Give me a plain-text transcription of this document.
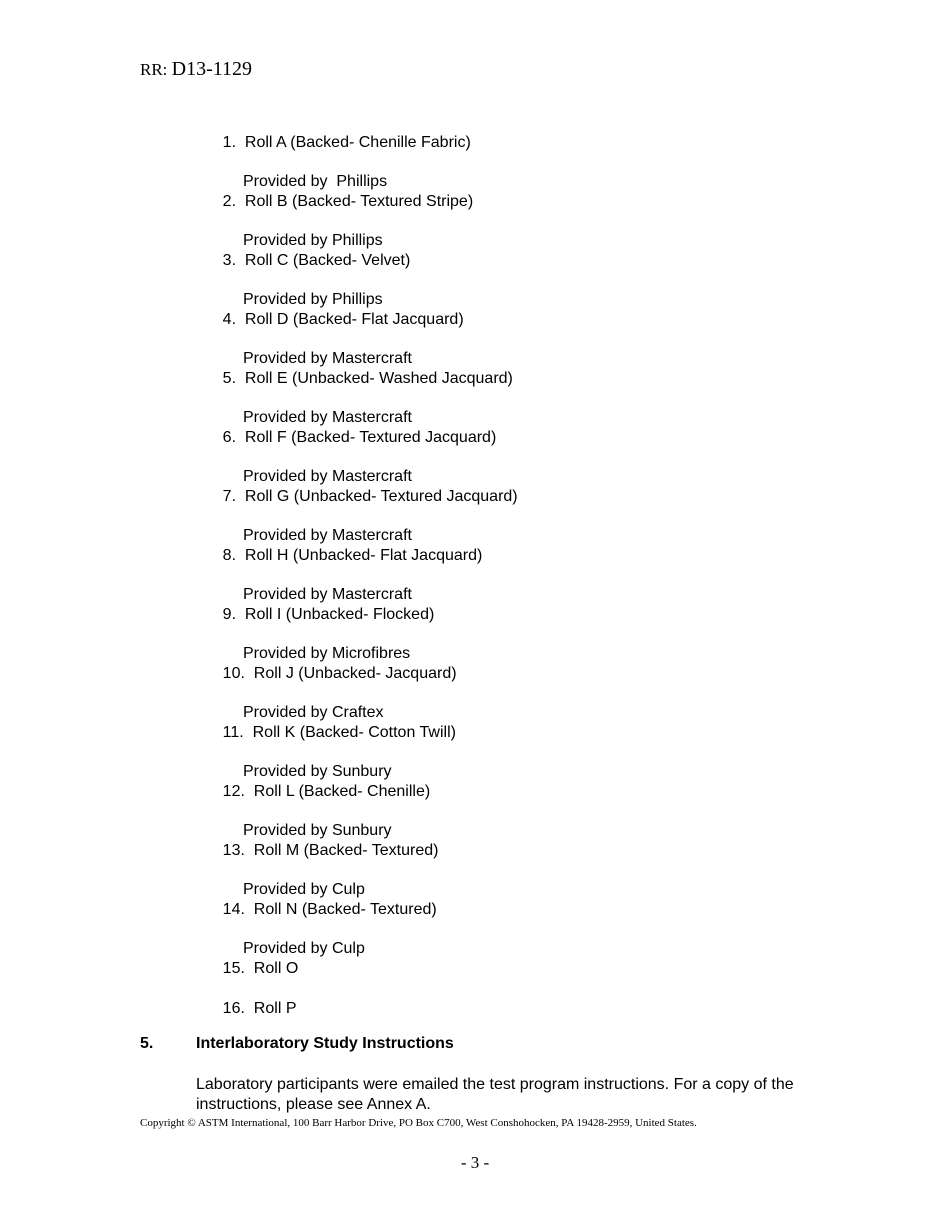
RR: D13-1129

1.  Roll A (Backed- Chenille Fabric)

Provided by  Phillips

2.  Roll B (Backed- Textured Stripe)

Provided by Phillips

3.  Roll C (Backed- Velvet)

Provided by Phillips

4.  Roll D (Backed- Flat Jacquard)

Provided by Mastercraft

5.  Roll E (Unbacked- Washed Jacquard)

Provided by Mastercraft

6.  Roll F (Backed- Textured Jacquard)

Provided by Mastercraft

7.  Roll G (Unbacked- Textured Jacquard)

Provided by Mastercraft

8.  Roll H (Unbacked- Flat Jacquard)

Provided by Mastercraft

9.  Roll I (Unbacked- Flocked)

Provided by Microfibres

10.  Roll J (Unbacked- Jacquard)

Provided by Craftex

11.  Roll K (Backed- Cotton Twill)

Provided by Sunbury

12.  Roll L (Backed- Chenille)

Provided by Sunbury

13.  Roll M (Backed- Textured)

Provided by Culp

14.  Roll N (Backed- Textured)

Provided by Culp

15.  Roll O

16.  Roll P

5.	Interlaboratory Study Instructions
Laboratory participants were emailed the test program instructions. For a copy of the instructions, please see Annex A.
Copyright © ASTM International, 100 Barr Harbor Drive, PO Box C700, West Conshohocken, PA 19428-2959, United States.
- 3 -
